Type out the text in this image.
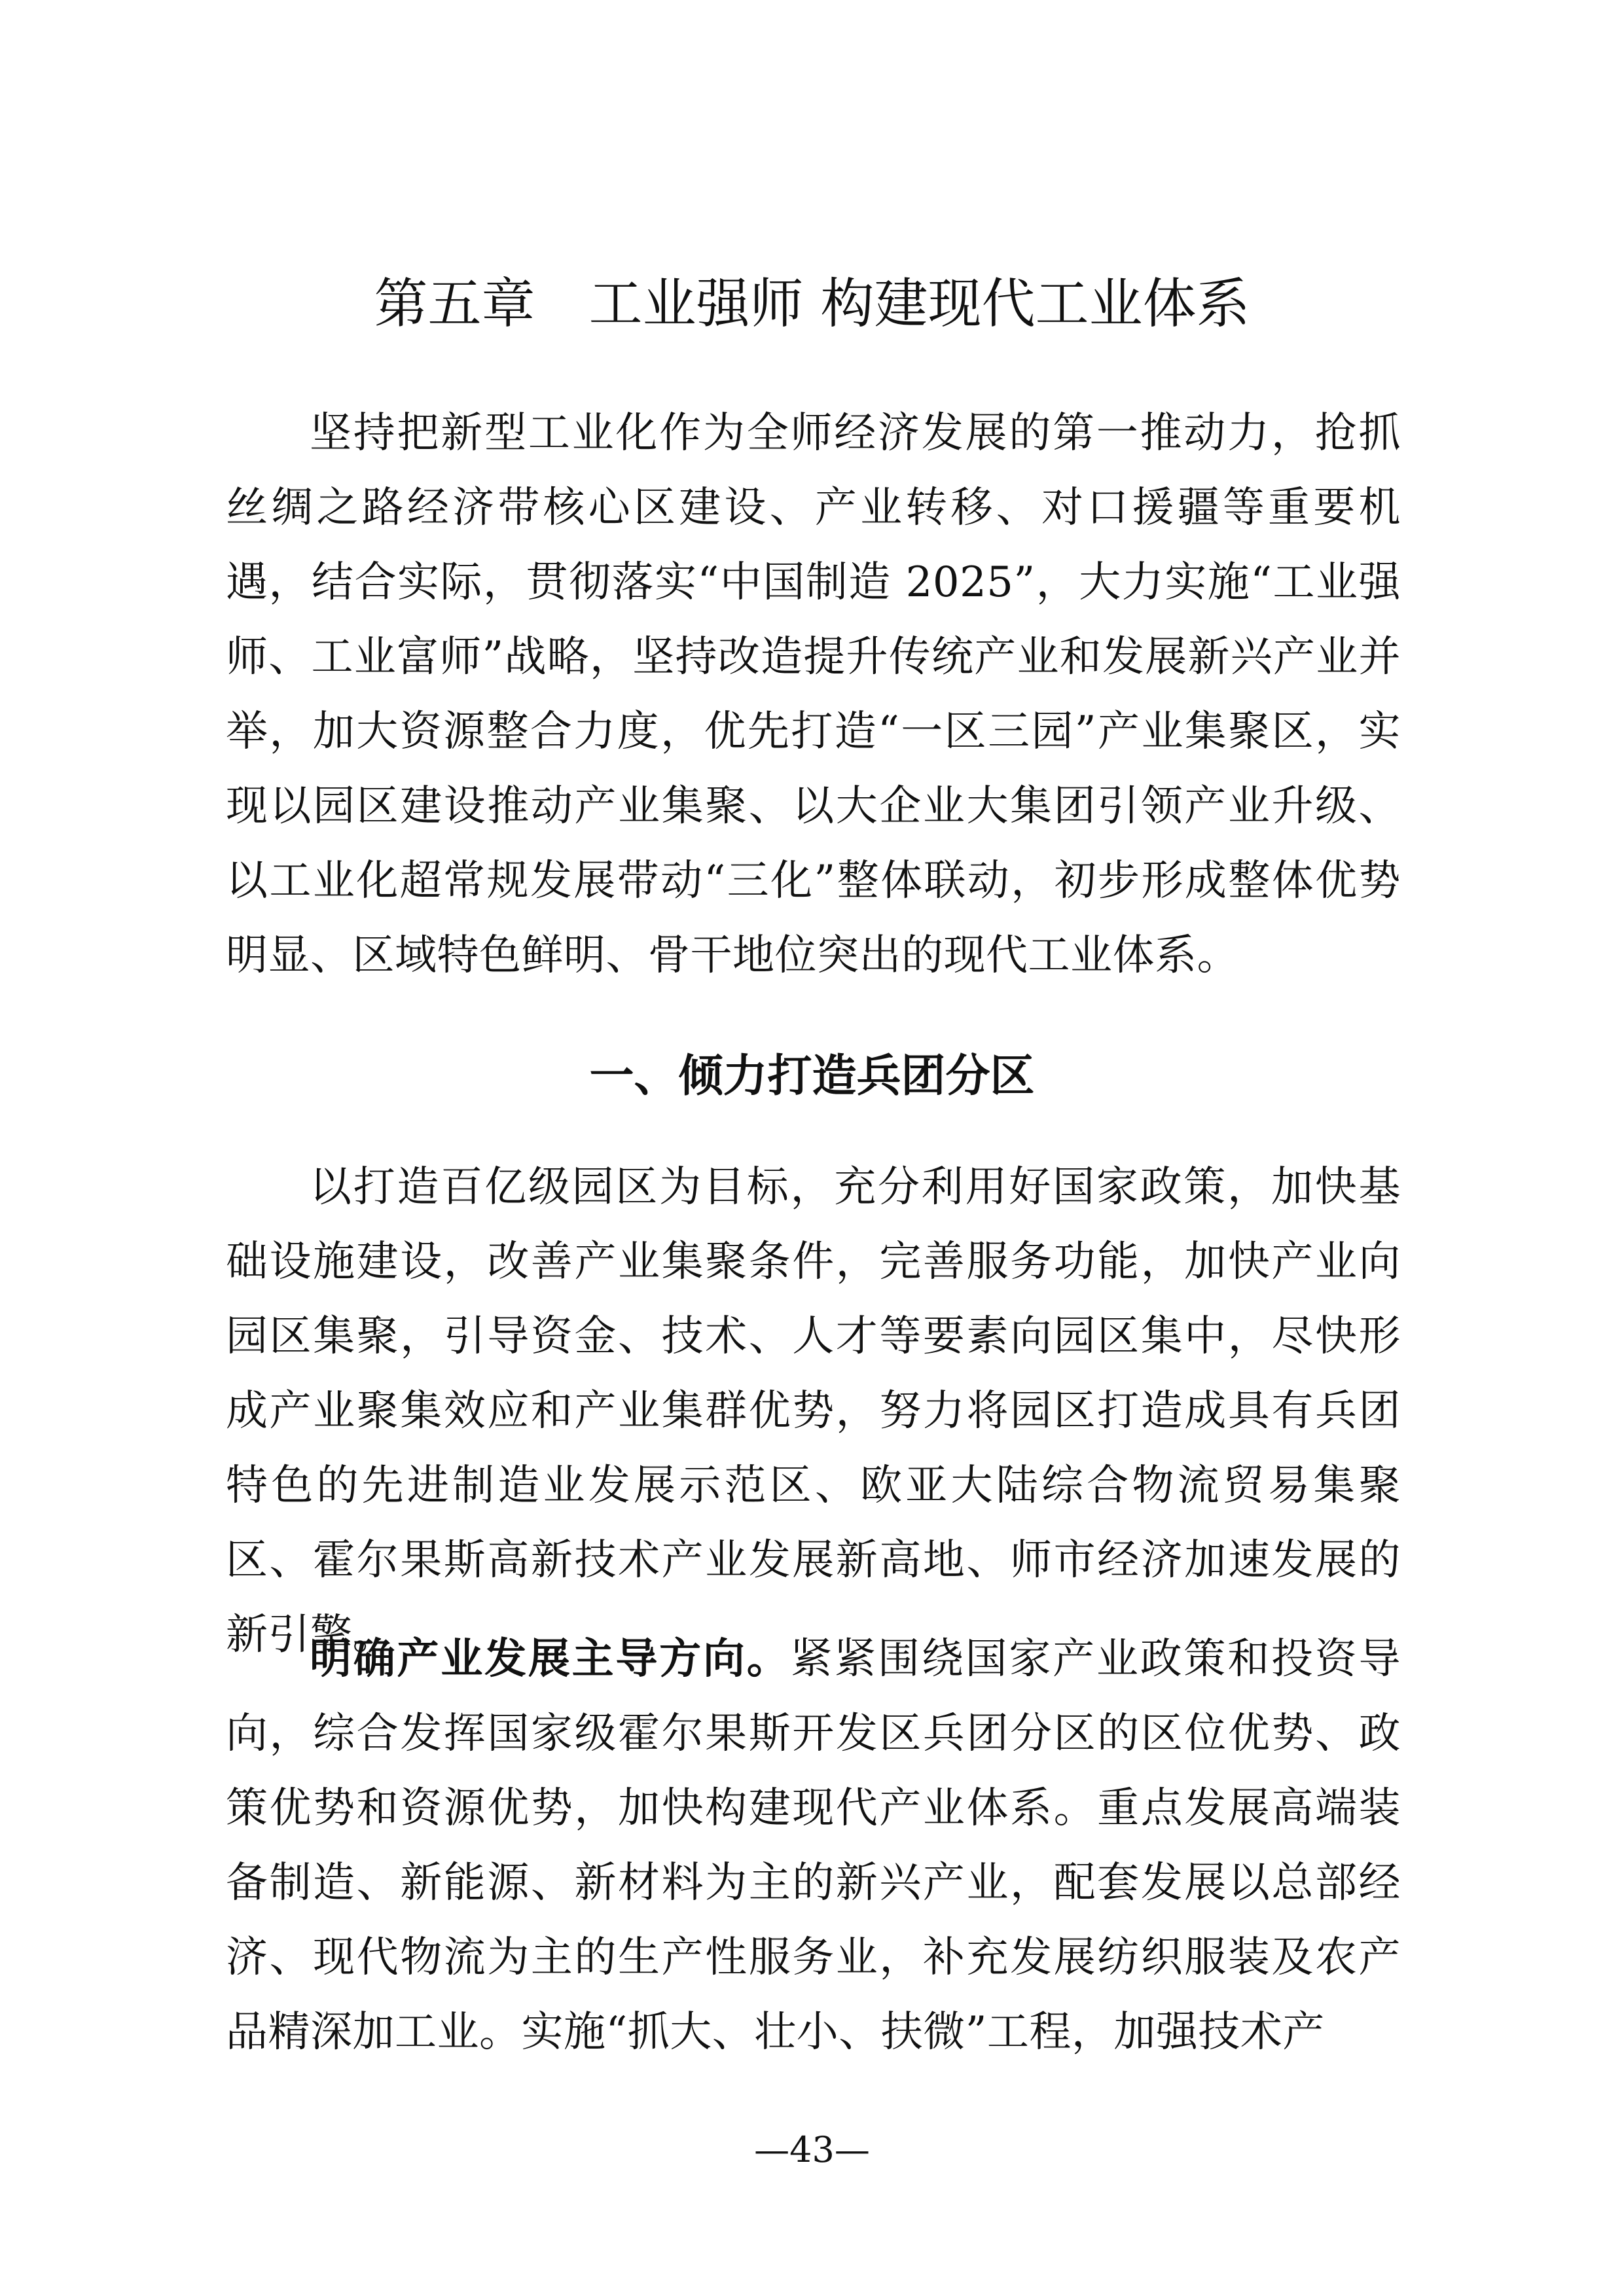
第五章　工业强师 构建现代工业体系

坚持把新型工业化作为全师经济发展的第一推动力，抢抓丝绸之路经济带核心区建设、产业转移、对口援疆等重要机遇，结合实际，贯彻落实“中国制造 2025”，大力实施“工业强师、工业富师”战略，坚持改造提升传统产业和发展新兴产业并举，加大资源整合力度，优先打造“一区三园”产业集聚区，实现以园区建设推动产业集聚、以大企业大集团引领产业升级、以工业化超常规发展带动“三化”整体联动，初步形成整体优势明显、区域特色鲜明、骨干地位突出的现代工业体系。

一、倾力打造兵团分区

以打造百亿级园区为目标，充分利用好国家政策，加快基础设施建设，改善产业集聚条件，完善服务功能，加快产业向园区集聚，引导资金、技术、人才等要素向园区集中，尽快形成产业聚集效应和产业集群优势，努力将园区打造成具有兵团特色的先进制造业发展示范区、欧亚大陆综合物流贸易集聚区、霍尔果斯高新技术产业发展新高地、师市经济加速发展的新引擎。

明确产业发展主导方向。紧紧围绕国家产业政策和投资导向，综合发挥国家级霍尔果斯开发区兵团分区的区位优势、政策优势和资源优势，加快构建现代产业体系。重点发展高端装备制造、新能源、新材料为主的新兴产业，配套发展以总部经济、现代物流为主的生产性服务业，补充发展纺织服装及农产品精深加工业。实施“抓大、壮小、扶微”工程，加强技术产

—43—
